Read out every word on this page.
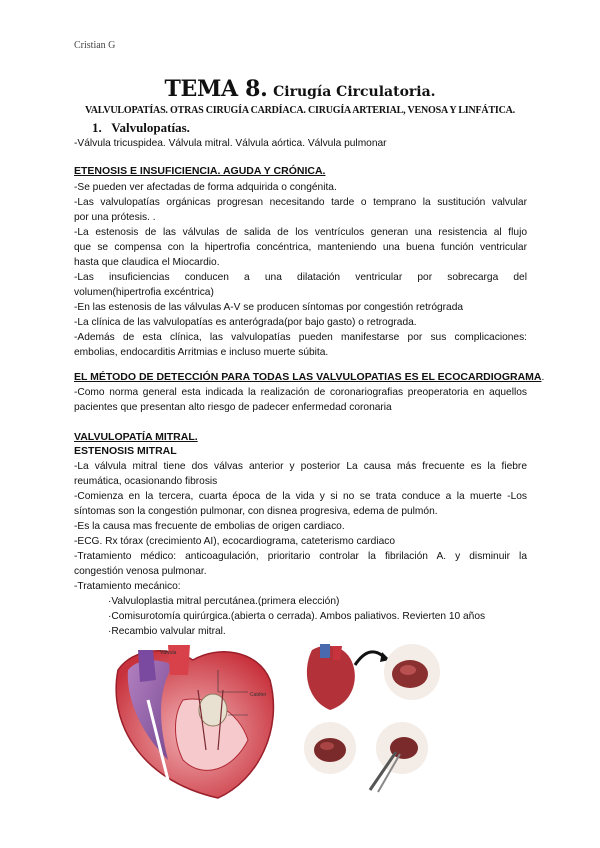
Cristian G
TEMA 8. Cirugía Circulatoria.
VALVULOPATÍAS. OTRAS CIRUGÍA CARDÍACA. CIRUGÍA ARTERIAL, VENOSA Y LINFÁTICA.
1. Valvulopatías.
-Válvula tricuspidea. Válvula mitral. Válvula aórtica. Válvula pulmonar
ETENOSIS E INSUFICIENCIA. AGUDA Y CRÓNICA.
-Se pueden ver afectadas de forma adquirida o congénita.
-Las valvulopatías orgánicas progresan necesitando tarde o temprano la sustitución valvular
por una prótesis. .
-La estenosis de las válvulas de salida de los ventrículos generan una resistencia al flujo
que se compensa con la hipertrofia concéntrica, manteniendo una buena función ventricular
hasta que claudica el Miocardio.
-Las insuficiencias conducen a una dilatación ventricular por sobrecarga del
volumen(hipertrofia excéntrica)
-En las estenosis de las válvulas A-V se producen síntomas por congestión retrógrada
-La clínica de las valvulopatías es anterógrada(por bajo gasto) o retrograda.
-Además de esta clínica, las valvulopatías pueden manifestarse por sus complicaciones:
embolias, endocarditis Arritmias e incluso muerte súbita.
EL MÉTODO DE DETECCIÓN PARA TODAS LAS VALVULOPATIAS ES EL ECOCARDIOGRAMA.
-Como norma general esta indicada la realización de coronariografias preoperatoria en aquellos
pacientes que presentan alto riesgo de padecer enfermedad coronaria
VALVULOPATÍA MITRAL.
ESTENOSIS MITRAL
-La válvula mitral tiene dos válvas anterior y posterior La causa más frecuente es la fiebre
reumática, ocasionando fibrosis
-Comienza en la tercera, cuarta época de la vida y si no se trata conduce a la muerte -Los
síntomas son la congestión pulmonar, con disnea progresiva, edema de pulmón.
-Es la causa mas frecuente de embolias de origen cardiaco.
-ECG. Rx tórax (crecimiento AI), ecocardiograma, cateterismo cardiaco
-Tratamiento médico: anticoagulación, prioritario controlar la fibrilación A. y disminuir la
congestión venosa pulmonar.
-Tratamiento mecánico:
·Valvuloplastia mitral percutánea.(primera elección)
·Comisurotomía quirúrgica.(abierta o cerrada). Ambos paliativos. Revierten 10 años
·Recambio valvular mitral.
Válvula
Catéter
